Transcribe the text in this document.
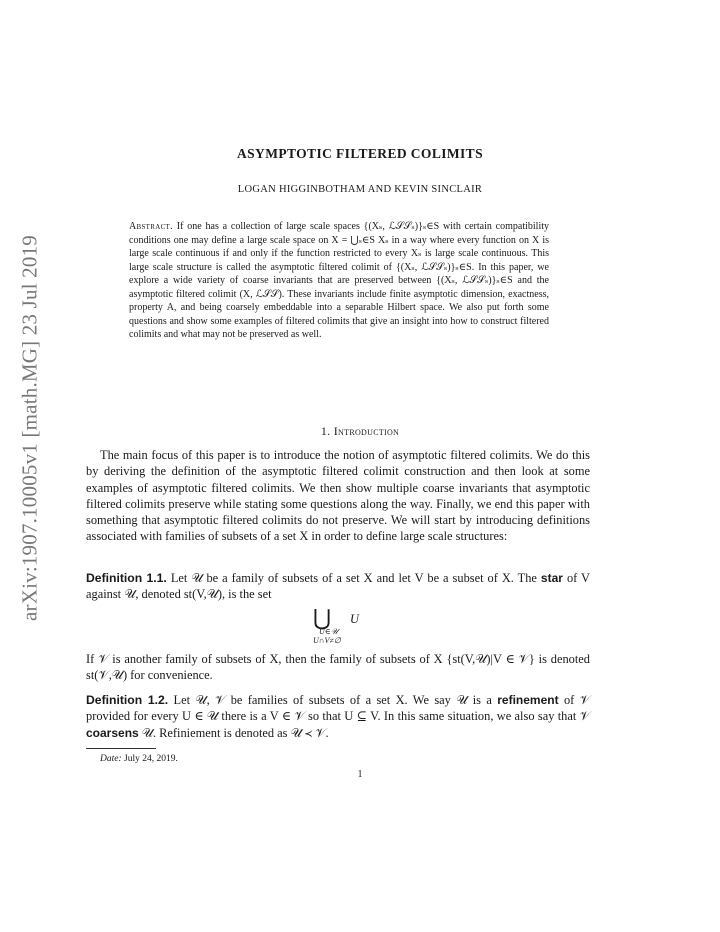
arXiv:1907.10005v1 [math.MG] 23 Jul 2019
ASYMPTOTIC FILTERED COLIMITS
LOGAN HIGGINBOTHAM AND KEVIN SINCLAIR
Abstract. If one has a collection of large scale spaces {(Xₛ, ℒ𝒮𝒮ₛ)}ₛ∈S with certain compatibility conditions one may define a large scale space on X = ⋃ₛ∈S Xₛ in a way where every function on X is large scale continuous if and only if the function restricted to every Xₛ is large scale continuous. This large scale structure is called the asymptotic filtered colimit of {(Xₛ, ℒ𝒮𝒮ₛ)}ₛ∈S. In this paper, we explore a wide variety of coarse invariants that are preserved between {(Xₛ, ℒ𝒮𝒮ₛ)}ₛ∈S and the asymptotic filtered colimit (X, ℒ𝒮𝒮). These invariants include finite asymptotic dimension, exactness, property A, and being coarsely embeddable into a separable Hilbert space. We also put forth some questions and show some examples of filtered colimits that give an insight into how to construct filtered colimits and what may not be preserved as well.
1. Introduction
The main focus of this paper is to introduce the notion of asymptotic filtered colimits. We do this by deriving the definition of the asymptotic filtered colimit construction and then look at some examples of asymptotic filtered colimits. We then show multiple coarse invariants that asymptotic filtered colimits preserve while stating some questions along the way. Finally, we end this paper with something that asymptotic filtered colimits do not preserve. We will start by introducing definitions associated with families of subsets of a set X in order to define large scale structures:
Definition 1.1. Let 𝒰 be a family of subsets of a set X and let V be a subset of X. The star of V against 𝒰, denoted st(V,𝒰), is the set
⋃
U∈𝒰
U∩V≠∅
U
If 𝒱 is another family of subsets of X, then the family of subsets of X {st(V,𝒰)|V ∈ 𝒱} is denoted st(𝒱,𝒰) for convenience.
Definition 1.2. Let 𝒰, 𝒱 be families of subsets of a set X. We say 𝒰 is a refinement of 𝒱 provided for every U ∈ 𝒰 there is a V ∈ 𝒱 so that U ⊆ V. In this same situation, we also say that 𝒱 coarsens 𝒰. Refiniement is denoted as 𝒰 ≺ 𝒱.
Date: July 24, 2019.
1
